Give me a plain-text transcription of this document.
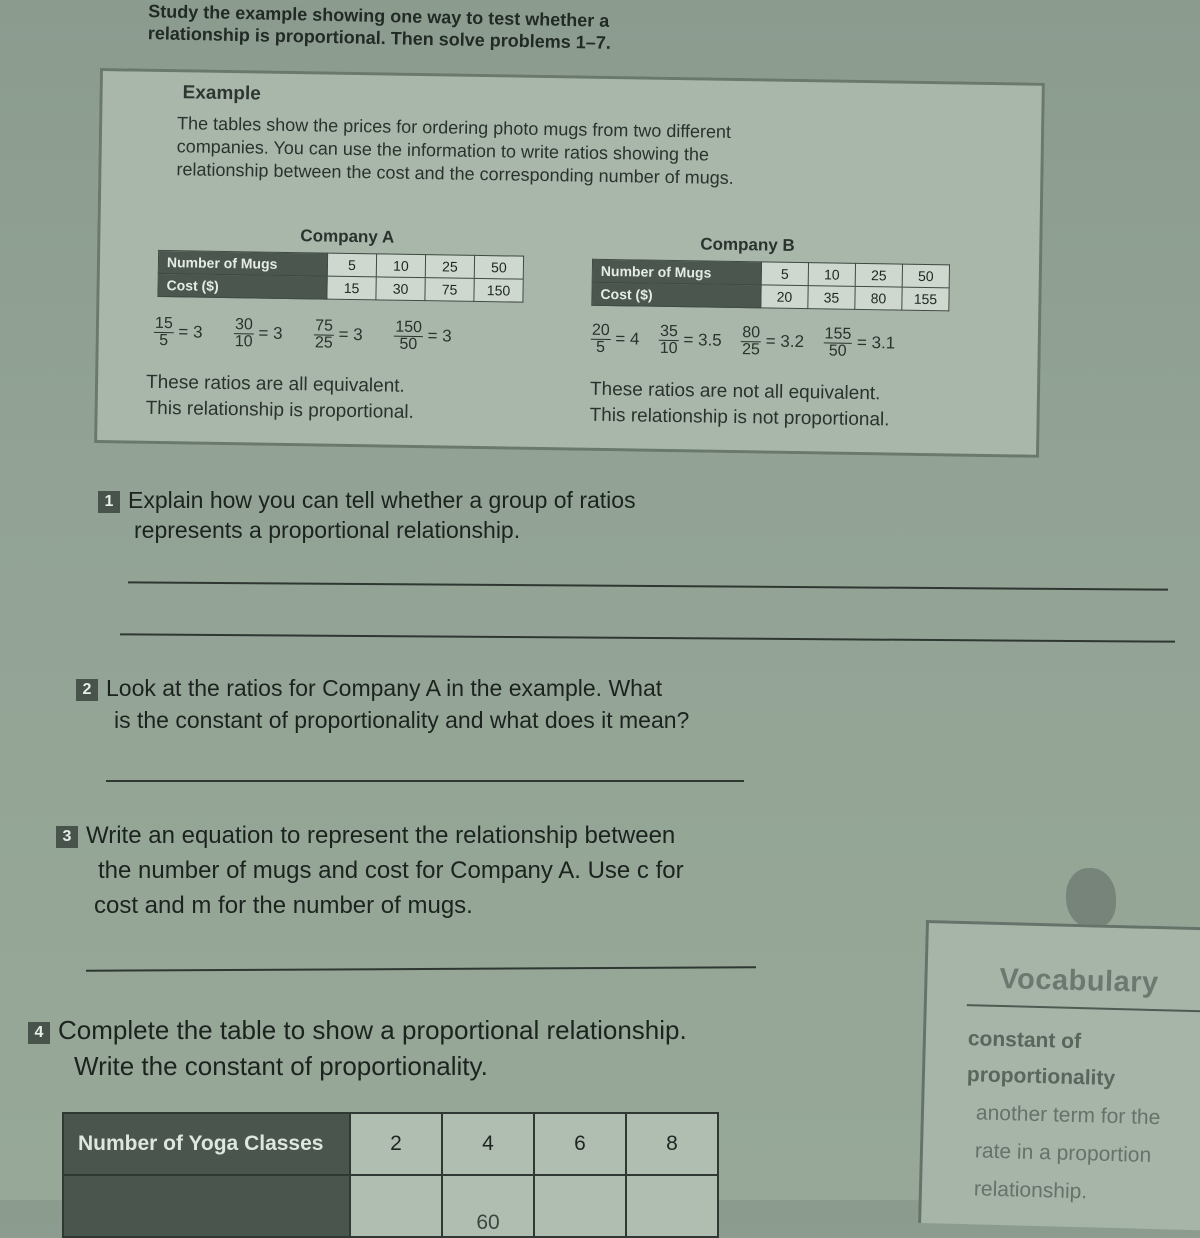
Study the example showing one way to test whether a relationship is proportional. Then solve problems 1–7.
Example
The tables show the prices for ordering photo mugs from two different companies. You can use the information to write ratios showing the relationship between the cost and the corresponding number of mugs.
Company A
Number of Mugs	5	10	25	50
Cost ($)	15	30	75	150
$\frac{15}{5} = 3 \frac{30}{10} = 3 \frac{75}{25} = 3 \frac{150}{50} = 3$
These ratios are all equivalent.
This relationship is proportional.
Company B
Number of Mugs	5	10	25	50
Cost ($)	20	35	80	155
$\frac{20}{5} = 4 \frac{35}{10} = 3.5 \frac{80}{25} = 3.2 \frac{155}{50} = 3.1$
These ratios are not all equivalent.
This relationship is not proportional.
1 Explain how you can tell whether a group of ratios
represents a proportional relationship.
2 Look at the ratios for Company A in the example. What
is the constant of proportionality and what does it mean?
3 Write an equation to represent the relationship between
the number of mugs and cost for Company A. Use c for
cost and m for the number of mugs.
4 Complete the table to show a proportional relationship.
Write the constant of proportionality.
Number of Yoga Classes	2	4	6	8
		60		
Vocabulary
constant of
proportionality
another term for the
rate in a proportion
relationship.
